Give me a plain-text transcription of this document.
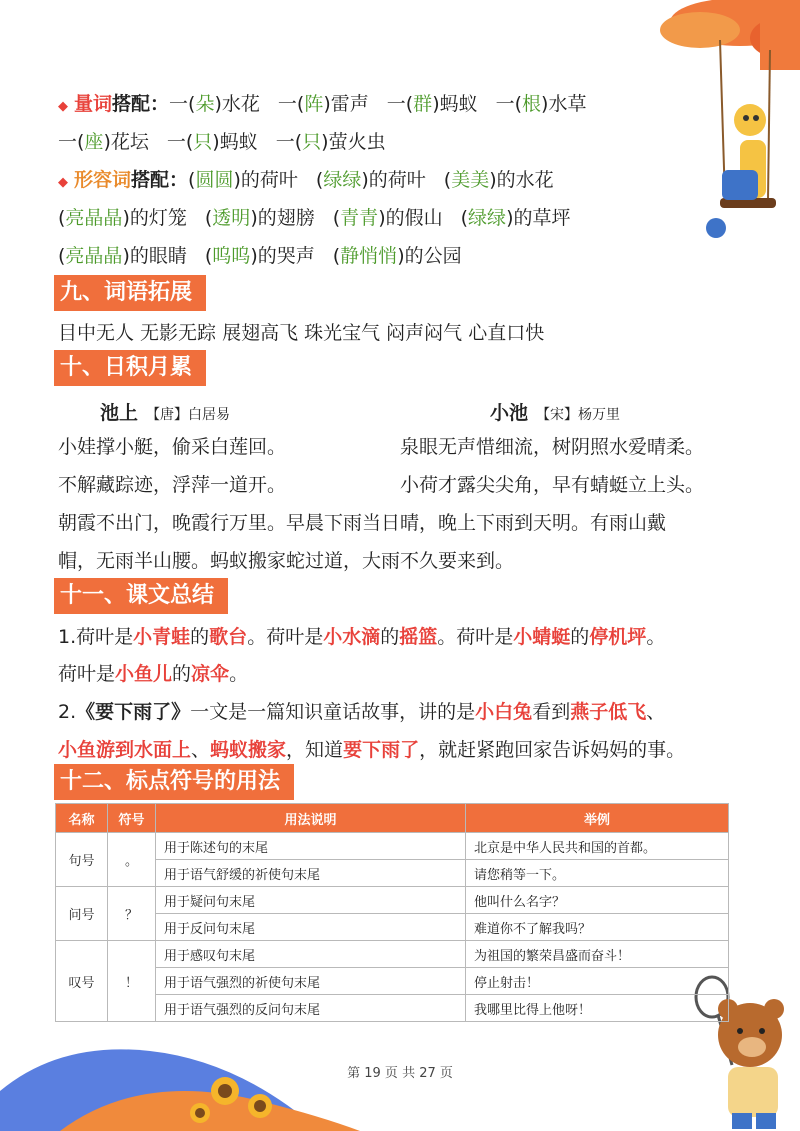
◆ 量词搭配：一(朵)水花 一(阵)雷声 一(群)蚂蚁 一(根)水草
一(座)花坛 一(只)蚂蚁 一(只)萤火虫
◆ 形容词搭配：(圆圆)的荷叶 (绿绿)的荷叶 (美美)的水花
(亮晶晶)的灯笼 (透明)的翅膀 (青青)的假山 (绿绿)的草坪
(亮晶晶)的眼睛 (呜呜)的哭声 (静悄悄)的公园
九、词语拓展
目中无人 无影无踪 展翅高飞 珠光宝气 闷声闷气 心直口快
十、日积月累
池上 【唐】白居易	小池 【宋】杨万里
小娃撑小艇，偷采白莲回。	泉眼无声惜细流，树阴照水爱晴柔。
不解藏踪迹，浮萍一道开。	小荷才露尖尖角，早有蜻蜓立上头。
朝霞不出门，晚霞行万里。早晨下雨当日晴，晚上下雨到天明。有雨山戴
帽，无雨半山腰。蚂蚁搬家蛇过道，大雨不久要来到。
十一、课文总结
1.荷叶是小青蛙的歌台。荷叶是小水滴的摇篮。荷叶是小蜻蜓的停机坪。
荷叶是小鱼儿的凉伞。
2.《要下雨了》一文是一篇知识童话故事，讲的是小白兔看到燕子低飞、
小鱼游到水面上、蚂蚁搬家，知道要下雨了，就赶紧跑回家告诉妈妈的事。
十二、标点符号的用法
名称	符号	用法说明	举例
句号	。	用于陈述句的末尾	北京是中华人民共和国的首都。
		用于语气舒缓的祈使句末尾	请您稍等一下。
问号	？	用于疑问句末尾	他叫什么名字？
		用于反问句末尾	难道你不了解我吗？
叹号	！	用于感叹句末尾	为祖国的繁荣昌盛而奋斗！
		用于语气强烈的祈使句末尾	停止射击！
		用于语气强烈的反问句末尾	我哪里比得上他呀！
第 19 页 共 27 页
